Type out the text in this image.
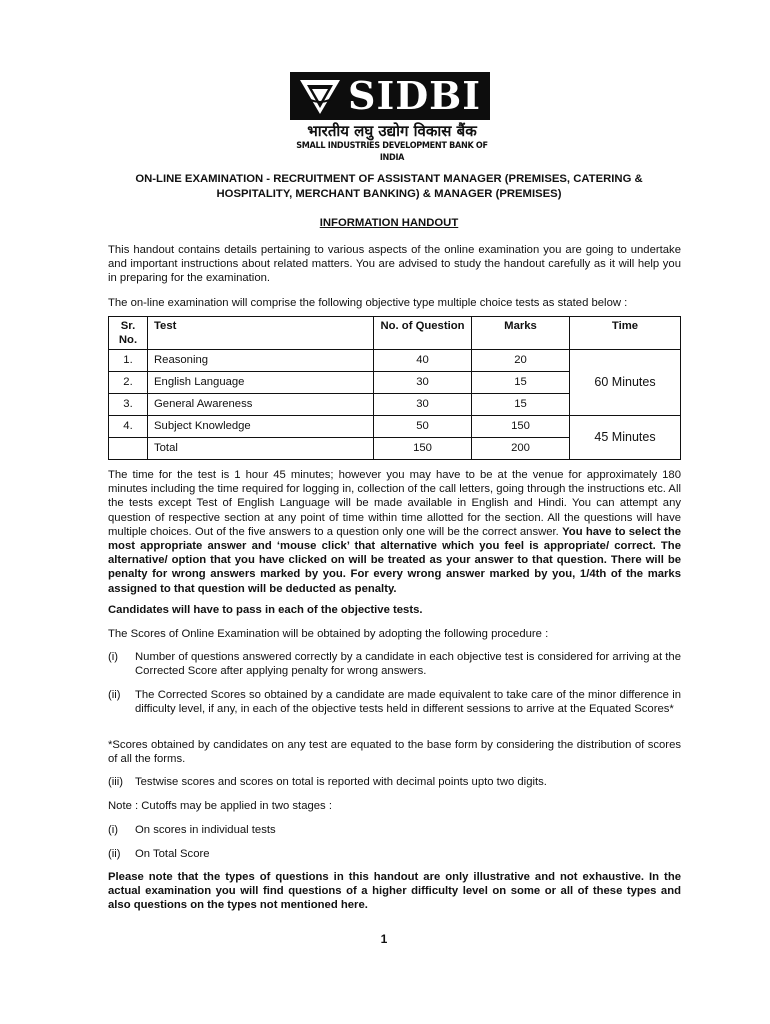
SIDBI
भारतीय लघु उद्योग विकास बैंक
SMALL INDUSTRIES DEVELOPMENT BANK OF INDIA
ON-LINE EXAMINATION - RECRUITMENT OF ASSISTANT MANAGER (PREMISES, CATERING & HOSPITALITY, MERCHANT BANKING) & MANAGER (PREMISES)
INFORMATION HANDOUT
This handout contains details pertaining to various aspects of the online examination you are going to undertake and important instructions about related matters. You are advised to study the handout carefully as it will help you in preparing for the examination.
The on-line examination will comprise the following objective type multiple choice tests as stated below :
Sr. No.	Test	No. of Question	Marks	Time
1.	Reasoning	40	20	60 Minutes
2.	English Language	30	15	
3.	General Awareness	30	15	
4.	Subject Knowledge	50	150	45 Minutes
	Total	150	200	
The time for the test is 1 hour 45 minutes; however you may have to be at the venue for approximately 180 minutes including the time required for logging in, collection of the call letters, going through the instructions etc. All the tests except Test of English Language will be made available in English and Hindi. You can attempt any question of respective section at any point of time within time allotted for the section. All the questions will have multiple choices. Out of the five answers to a question only one will be the correct answer. You have to select the most appropriate answer and ‘mouse click’ that alternative which you feel is appropriate/ correct. The alternative/ option that you have clicked on will be treated as your answer to that question. There will be penalty for wrong answers marked by you. For every wrong answer marked by you, 1/4th of the marks assigned to that question will be deducted as penalty.
Candidates will have to pass in each of the objective tests.
The Scores of Online Examination will be obtained by adopting the following procedure :
(i) Number of questions answered correctly by a candidate in each objective test is considered for arriving at the Corrected Score after applying penalty for wrong answers.
(ii) The Corrected Scores so obtained by a candidate are made equivalent to take care of the minor difference in difficulty level, if any, in each of the objective tests held in different sessions to arrive at the Equated Scores*
*Scores obtained by candidates on any test are equated to the base form by considering the distribution of scores of all the forms.
(iii) Testwise scores and scores on total is reported with decimal points upto two digits.
Note : Cutoffs may be applied in two stages :
(i) On scores in individual tests
(ii) On Total Score
Please note that the types of questions in this handout are only illustrative and not exhaustive. In the actual examination you will find questions of a higher difficulty level on some or all of these types and also questions on the types not mentioned here.
1
